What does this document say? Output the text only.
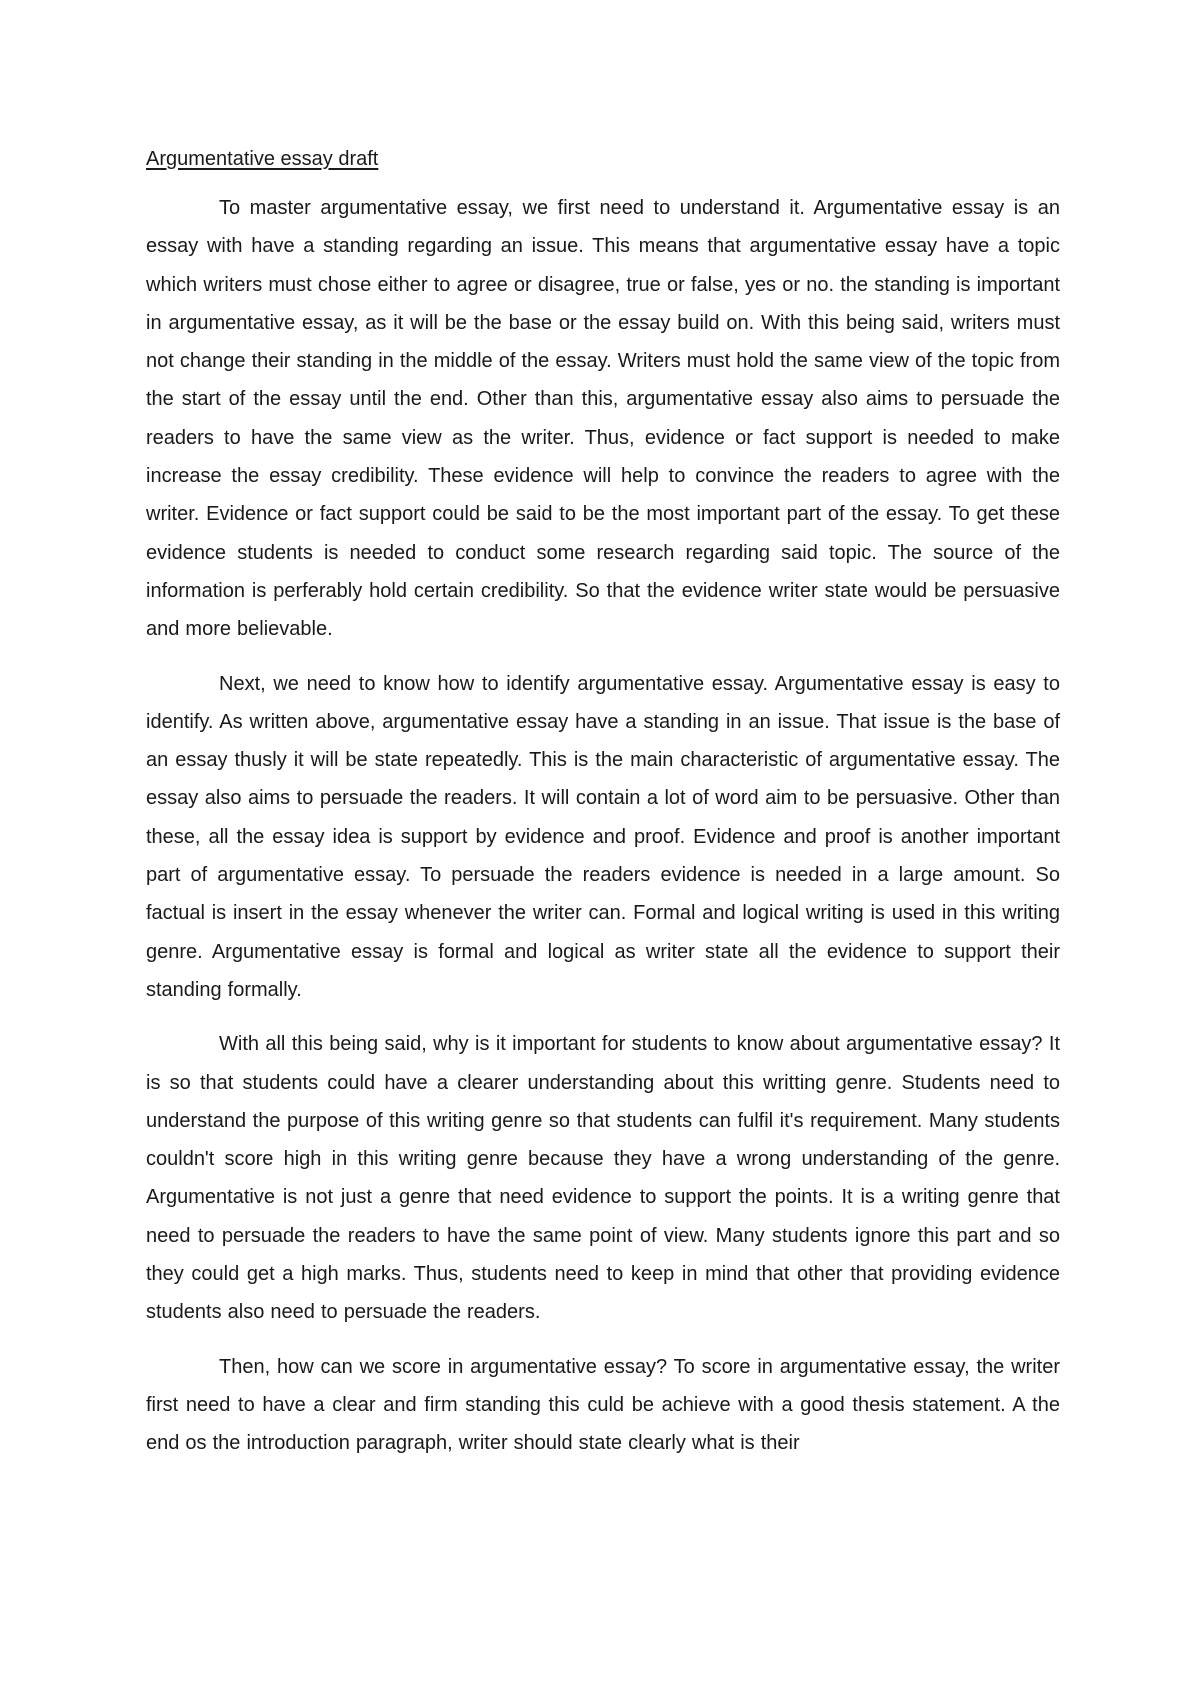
Argumentative essay draft

To master argumentative essay, we first need to understand it. Argumentative essay is an essay with have a standing regarding an issue. This means that argumentative essay have a topic which writers must chose either to agree or disagree, true or false, yes or no. the standing is important in argumentative essay, as it will be the base or the essay build on. With this being said, writers must not change their standing in the middle of the essay. Writers must hold the same view of the topic from the start of the essay until the end. Other than this, argumentative essay also aims to persuade the readers to have the same view as the writer. Thus, evidence or fact support is needed to make increase the essay credibility. These evidence will help to convince the readers to agree with the writer. Evidence or fact support could be said to be the most important part of the essay. To get these evidence students is needed to conduct some research regarding said topic. The source of the information is perferably hold certain credibility. So that the evidence writer state would be persuasive and more believable.

Next, we need to know how to identify argumentative essay. Argumentative essay is easy to identify. As written above, argumentative essay have a standing in an issue. That issue is the base of an essay thusly it will be state repeatedly. This is the main characteristic of argumentative essay. The essay also aims to persuade the readers. It will contain a lot of word aim to be persuasive. Other than these, all the essay idea is support by evidence and proof. Evidence and proof is another important part of argumentative essay. To persuade the readers evidence is needed in a large amount. So factual is insert in the essay whenever the writer can. Formal and logical writing is used in this writing genre. Argumentative essay is formal and logical as writer state all the evidence to support their standing formally.

With all this being said, why is it important for students to know about argumentative essay? It is so that students could have a clearer understanding about this writting genre. Students need to understand the purpose of this writing genre so that students can fulfil it's requirement. Many students couldn't score high in this writing genre because they have a wrong understanding of the genre. Argumentative is not just a genre that need evidence to support the points. It is a writing genre that need to persuade the readers to have the same point of view. Many students ignore this part and so they could get a high marks. Thus, students need to keep in mind that other that providing evidence students also need to persuade the readers.

Then, how can we score in argumentative essay? To score in argumentative essay, the writer first need to have a clear and firm standing this culd be achieve with a good thesis statement. A the end os the introduction paragraph, writer should state clearly what is their
